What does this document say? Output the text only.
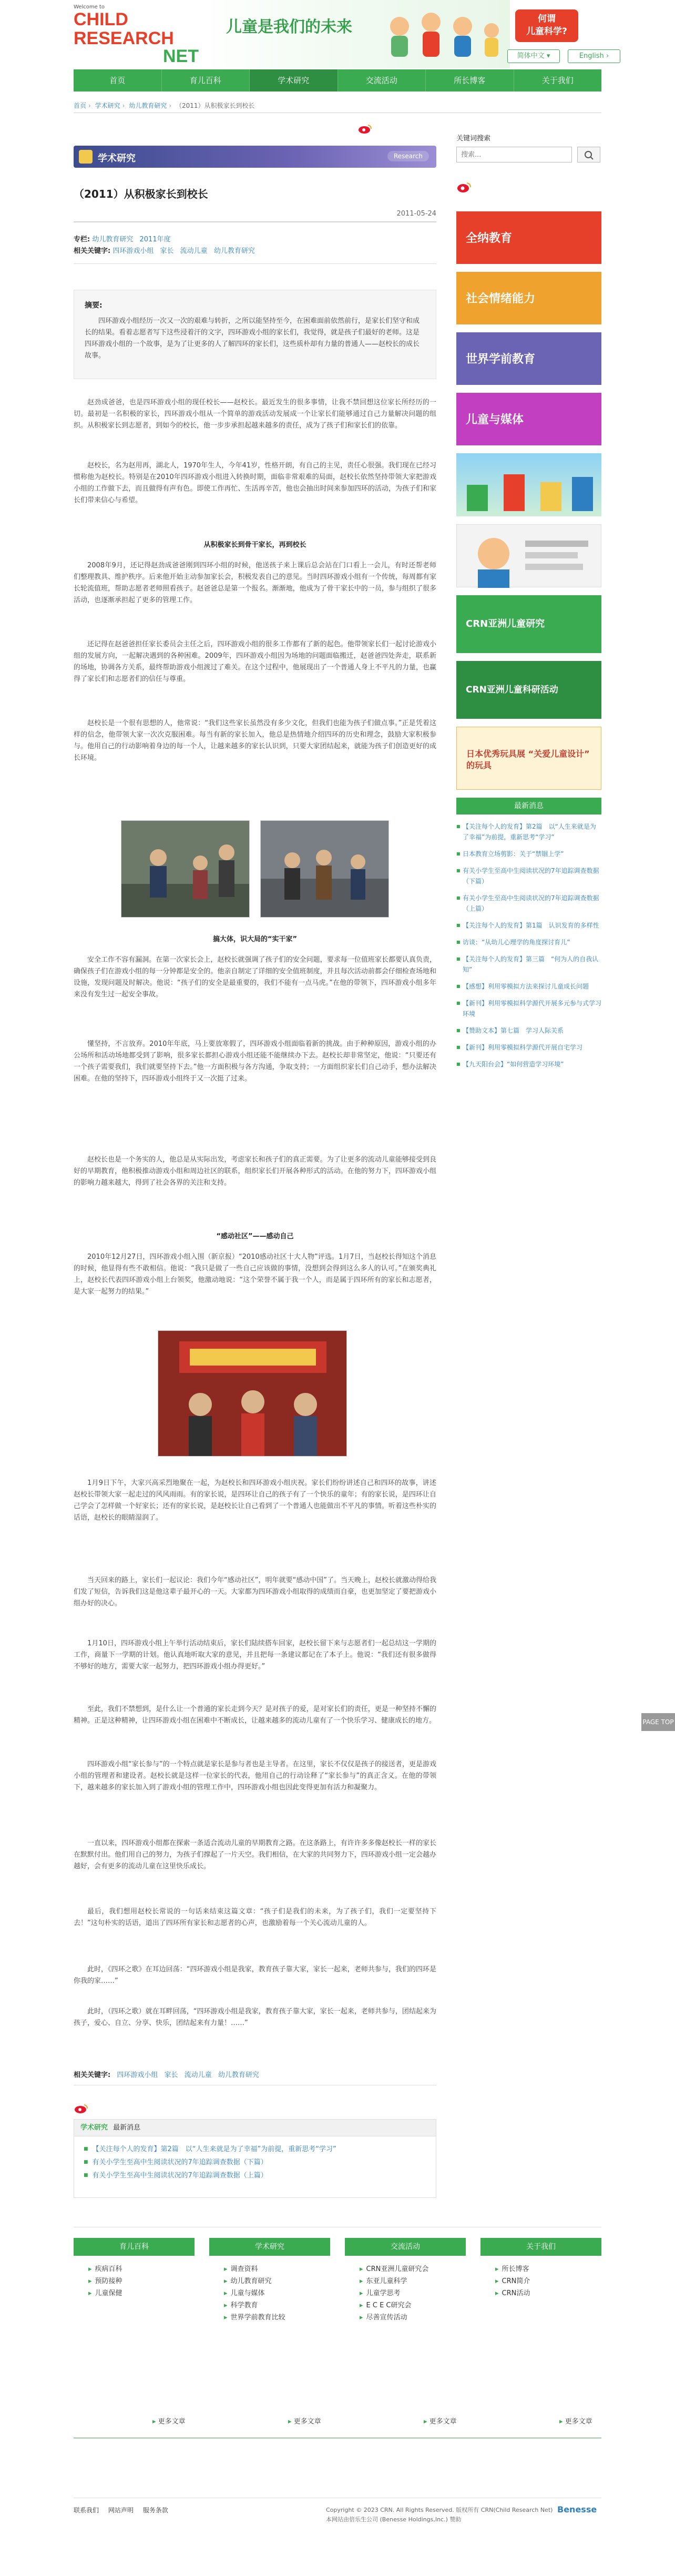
Welcome to
CHILD
RESEARCH
NET
儿童是我们的未来	何谓
儿童科学?
简体中文 ▾	English ›
首页	育儿百科	学术研究	交流活动	所长博客	关于我们
首页 › 学术研究 › 幼儿教育研究 › （2011）从积极家长到校长
学术研究	Research
（2011）从积极家长到校长
2011-05-24
专栏: 幼儿教育研究 2011年度
相关关键字: 四环游戏小组 家长 流动儿童 幼儿教育研究
摘要:
四环游戏小组经历一次又一次的艰难与转折，之所以能坚持至今，在困难面前依然前行，是家长们坚守和成长的结果。看着志愿者写下这些浸着汗的文字，四环游戏小组的家长们，我觉得，就是孩子们最好的老师。这是四环游戏小组的一个故事，是为了让更多的人了解四环的家长们，这些质朴却有力量的普通人——赵校长的成长故事。
赵劲成爸爸，也是四环游戏小组的现任校长——赵校长。最近发生的很多事情，让我不禁回想这位家长所经历的一切。最初是一名积极的家长，四环游戏小组从一个简单的游戏活动发展成一个让家长们能够通过自己力量解决问题的组织。从积极家长到志愿者，到如今的校长，他一步步承担起越来越多的责任，成为了孩子们和家长们的依靠。
赵校长，名为赵用再，湖北人，1970年生人，今年41岁，性格开朗，有自己的主见，责任心很强。我们现在已经习惯称他为赵校长。特别是在2010年四环游戏小组进入转换时期，面临非常艰难的局面，赵校长依然坚持带领大家把游戏小组的工作做下去，而且做得有声有色。即使工作再忙、生活再辛苦，他也会抽出时间来参加四环的活动，为孩子们和家长们带来信心与希望。
从积极家长到骨干家长，再到校长
2008年9月，还记得赵劲成爸爸刚到四环小组的时候，他送孩子来上课后总会站在门口看上一会儿，有时还帮老师们整理教具、维护秩序。后来他开始主动参加家长会，积极发表自己的意见。当时四环游戏小组有一个传统，每周都有家长轮流值班，帮助志愿者老师照看孩子。赵爸爸总是第一个报名。渐渐地，他成为了骨干家长中的一员，参与组织了很多活动，也逐渐承担起了更多的管理工作。
还记得在赵爸爸担任家长委员会主任之后，四环游戏小组的很多工作都有了新的起色。他带领家长们一起讨论游戏小组的发展方向，一起解决遇到的各种困难。2009年，四环游戏小组因为场地的问题面临搬迁，赵爸爸四处奔走，联系新的场地，协调各方关系，最终帮助游戏小组渡过了难关。在这个过程中，他展现出了一个普通人身上不平凡的力量，也赢得了家长们和志愿者们的信任与尊重。
赵校长是一个很有思想的人，他常说：“我们这些家长虽然没有多少文化，但我们也能为孩子们做点事。”正是凭着这样的信念，他带领大家一次次克服困难。每当有新的家长加入，他总是热情地介绍四环的历史和理念，鼓励大家积极参与。他用自己的行动影响着身边的每一个人，让越来越多的家长认识到，只要大家团结起来，就能为孩子们创造更好的成长环境。
搞大体，识大局的“实干家”
安全工作不容有漏洞。在第一次家长会上，赵校长就强调了孩子们的安全问题，要求每一位值班家长都要认真负责，确保孩子们在游戏小组的每一分钟都是安全的。他亲自制定了详细的安全值班制度，并且每次活动前都会仔细检查场地和设施，发现问题及时解决。他说：“孩子们的安全是最重要的，我们不能有一点马虎。”在他的带领下，四环游戏小组多年来没有发生过一起安全事故。
懂坚持，不言放弃。2010年年底，马上要放寒假了，四环游戏小组面临着新的挑战。由于种种原因，游戏小组的办公场所和活动场地都受到了影响，很多家长都担心游戏小组还能不能继续办下去。赵校长却非常坚定，他说：“只要还有一个孩子需要我们，我们就要坚持下去。”他一方面积极与各方沟通，争取支持；一方面组织家长们自己动手，想办法解决困难。在他的坚持下，四环游戏小组终于又一次挺了过来。
赵校长也是一个务实的人，他总是从实际出发，考虑家长和孩子们的真正需要。为了让更多的流动儿童能够接受到良好的早期教育，他积极推动游戏小组和周边社区的联系，组织家长们开展各种形式的活动。在他的努力下，四环游戏小组的影响力越来越大，得到了社会各界的关注和支持。
“感动社区”——感动自己
2010年12月27日，四环游戏小组入围（新京报）“2010感动社区十大人物”评选。1月7日，当赵校长得知这个消息的时候，他显得有些不敢相信。他说：“我只是做了一些自己应该做的事情，没想到会得到这么多人的认可。”在颁奖典礼上，赵校长代表四环游戏小组上台领奖，他激动地说：“这个荣誉不属于我一个人，而是属于四环所有的家长和志愿者，是大家一起努力的结果。”
1月9日下午，大家兴高采烈地聚在一起，为赵校长和四环游戏小组庆祝。家长们纷纷讲述自己和四环的故事，讲述赵校长带领大家一起走过的风风雨雨。有的家长说，是四环让自己的孩子有了一个快乐的童年；有的家长说，是四环让自己学会了怎样做一个好家长；还有的家长说，是赵校长让自己看到了一个普通人也能做出不平凡的事情。听着这些朴实的话语，赵校长的眼睛湿润了。
当天回来的路上，家长们一起议论：我们今年“感动社区”，明年就要“感动中国”了。当天晚上，赵校长就激动得给我们发了短信，告诉我们这是他这辈子最开心的一天。大家都为四环游戏小组取得的成绩而自豪，也更加坚定了要把游戏小组办好的决心。
1月10日，四环游戏小组上午举行活动结束后，家长们陆续搭车回家，赵校长留下来与志愿者们一起总结这一学期的工作，商量下一学期的计划。他认真地听取大家的意见，并且把每一条建议都记在了本子上。他说：“我们还有很多做得不够好的地方，需要大家一起努力，把四环游戏小组办得更好。”
至此，我们不禁想到，是什么让一个普通的家长走到今天？是对孩子的爱，是对家长们的责任，更是一种坚持不懈的精神。正是这种精神，让四环游戏小组在困难中不断成长，让越来越多的流动儿童有了一个快乐学习、健康成长的地方。
四环游戏小组“家长参与”的一个特点就是家长是参与者也是主导者。在这里，家长不仅仅是孩子的接送者，更是游戏小组的管理者和建设者。赵校长就是这样一位家长的代表，他用自己的行动诠释了“家长参与”的真正含义。在他的带领下，越来越多的家长加入到了游戏小组的管理工作中，四环游戏小组也因此变得更加有活力和凝聚力。
一直以来，四环游戏小组都在探索一条适合流动儿童的早期教育之路。在这条路上，有许许多多像赵校长一样的家长在默默付出。他们用自己的努力，为孩子们撑起了一片天空。我们相信，在大家的共同努力下，四环游戏小组一定会越办越好，会有更多的流动儿童在这里快乐成长。
最后，我们想用赵校长常说的一句话来结束这篇文章：“孩子们是我们的未来，为了孩子们，我们一定要坚持下去！”这句朴实的话语，道出了四环所有家长和志愿者的心声，也激励着每一个关心流动儿童的人。
此时，《四环之歌》在耳边回荡：“四环游戏小组是我家，教育孩子靠大家，家长一起来，老师共参与，我们的四环是你我的家……”
此时，（四环之歌）就在耳畔回荡，“四环游戏小组是我家，教育孩子靠大家，家长一起来，老师共参与，团结起来为孩子，爱心、自立、分享、快乐，团结起来有力量！……”
相关关键字: 四环游戏小组 家长 流动儿童 幼儿教育研究
学术研究 最新消息
■ 【关注每个人的发育】第2篇　以“人生来就是为了幸福”为前提，重新思考“学习”
■ 有关小学生至高中生阅读状况的7年追踪调查数据（下篇）
■ 有关小学生至高中生阅读状况的7年追踪调查数据（上篇）
关键词搜索
搜索...
全纳教育
社会情绪能力
世界学前教育
儿童与媒体
CRN亚洲儿童研究
CRN亚洲儿童科研活动
日本优秀玩具展 “关爱儿童设计” 的玩具
最新消息
■ 【关注每个人的发育】第2篇　以“人生来就是为了幸福”为前提，重新思考“学习”
■ 日本教育立场剪影：关于“禁锢上学”
■ 有关小学生至高中生阅读状况的7年追踪调查数据（下篇）
■ 有关小学生至高中生阅读状况的7年追踪调查数据（上篇）
■ 【关注每个人的发育】第1篇　认识发育的多样性
■ 访谈：“从幼儿心理学的角度探讨育儿”
■ 【关注每个人的发育】第三篇　“何为人的自我认知”
■ 【感想】利用零模拟方法来探讨儿童成长问题
■ 【新刊】利用零模拟科学源代开展多元参与式学习环境
■ 【赞助文本】第七篇　学习人际关系
■ 【新刊】利用零模拟科学源代开展自宅学习
■ 【九天阳台会】“如何营造学习环境”
PAGE TOP
育儿百科
▸ 疾病百科
▸ 预防接种
▸ 儿童保健
学术研究
▸ 调查资料
▸ 幼儿教育研究
▸ 儿童与媒体
▸ 科学教育
▸ 世界学前教育比较
交流活动
▸ CRN亚洲儿童研究会
▸ 东亚儿童科学
▸ 儿童学思考
▸ E C E C研究会
▸ 尽善宣传活动
关于我们
▸ 所长博客
▸ CRN简介
▸ CRN活动
▸ 更多文章	▸ 更多文章	▸ 更多文章	▸ 更多文章
联系我们 网站声明 服务条款	Copyright © 2023 CRN. All Rights Reserved. 版权所有 CRN(Child Research Net)
本网站由倍乐生公司 (Benesse Holdings,Inc.) 赞助
Benesse
